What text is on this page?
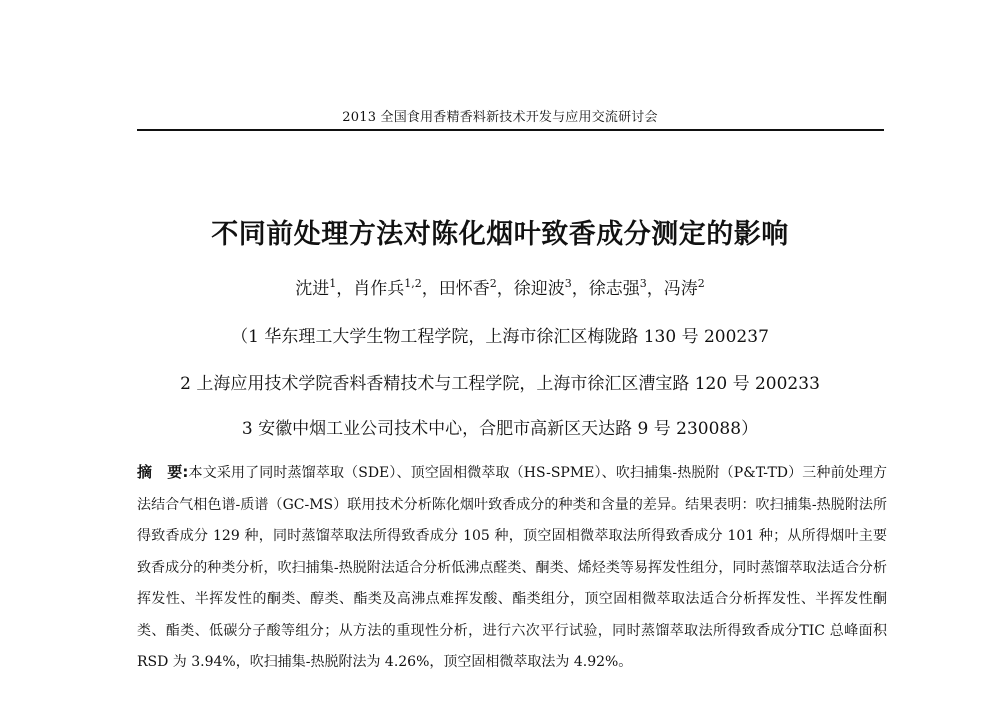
2013 全国食用香精香料新技术开发与应用交流研讨会
不同前处理方法对陈化烟叶致香成分测定的影响
沈进$^1$，肖作兵$^{1,2}$，田怀香$^2$，徐迎波$^3$，徐志强$^3$，冯涛$^2$
（1 华东理工大学生物工程学院，上海市徐汇区梅陇路 130 号 200237
2 上海应用技术学院香料香精技术与工程学院，上海市徐汇区漕宝路 120 号 200233
3 安徽中烟工业公司技术中心，合肥市高新区天达路 9 号 230088）
摘　要:本文采用了同时蒸馏萃取（SDE）、顶空固相微萃取（HS-SPME）、吹扫捕集-热脱附（P&T-TD）三种前处理方法结合气相色谱-质谱（GC-MS）联用技术分析陈化烟叶致香成分的种类和含量的差异。结果表明：吹扫捕集-热脱附法所得致香成分 129 种，同时蒸馏萃取法所得致香成分 105 种，顶空固相微萃取法所得致香成分 101 种；从所得烟叶主要致香成分的种类分析，吹扫捕集-热脱附法适合分析低沸点醛类、酮类、烯烃类等易挥发性组分，同时蒸馏萃取法适合分析挥发性、半挥发性的酮类、醇类、酯类及高沸点难挥发酸、酯类组分，顶空固相微萃取法适合分析挥发性、半挥发性酮类、酯类、低碳分子酸等组分；从方法的重现性分析，进行六次平行试验，同时蒸馏萃取法所得致香成分TIC 总峰面积 RSD 为 3.94%，吹扫捕集-热脱附法为 4.26%，顶空固相微萃取法为 4.92%。
